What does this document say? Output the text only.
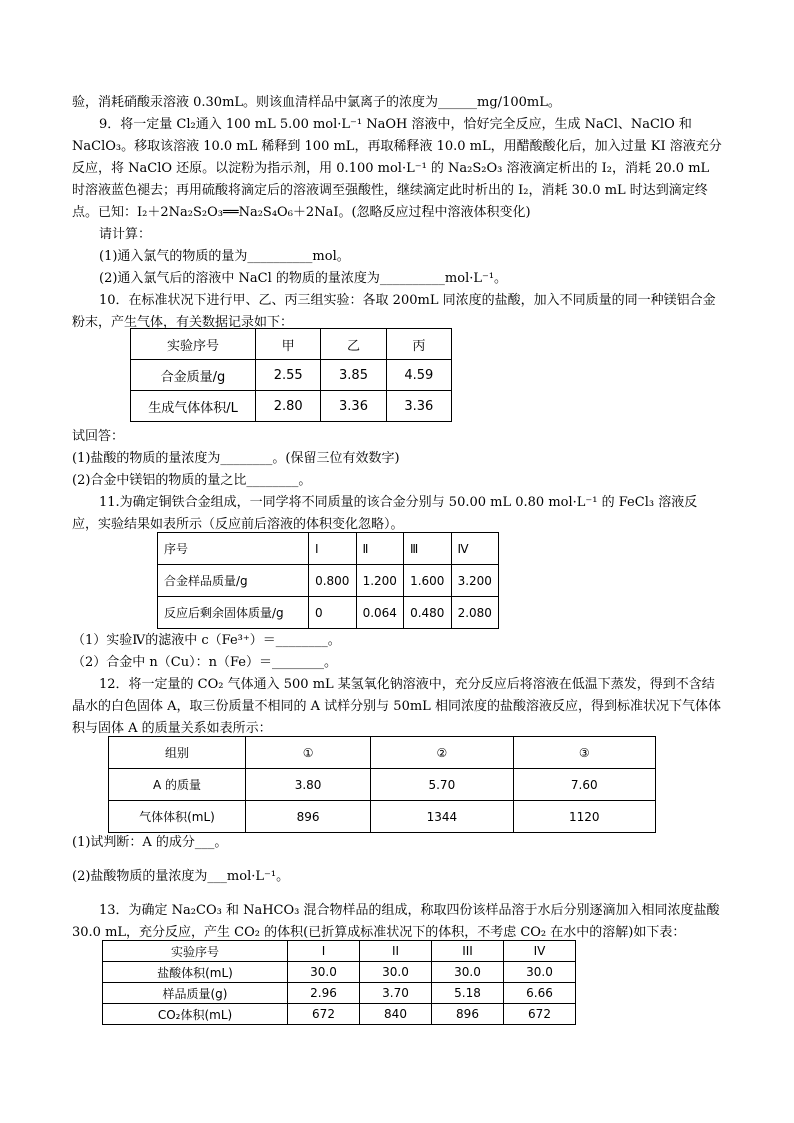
验，消耗硝酸汞溶液 0.30mL。则该血清样品中氯离子的浓度为______mg/100mL。

9．将一定量 Cl₂通入 100 mL 5.00 mol·L⁻¹ NaOH 溶液中，恰好完全反应，生成 NaCl、NaClO 和 NaClO₃。移取该溶液 10.0 mL 稀释到 100 mL，再取稀释液 10.0 mL，用醋酸酸化后，加入过量 KI 溶液充分反应，将 NaClO 还原。以淀粉为指示剂，用 0.100 mol·L⁻¹ 的 Na₂S₂O₃ 溶液滴定析出的 I₂，消耗 20.0 mL 时溶液蓝色褪去；再用硫酸将滴定后的溶液调至强酸性，继续滴定此时析出的 I₂，消耗 30.0 mL 时达到滴定终点。已知：I₂＋2Na₂S₂O₃══Na₂S₄O₆＋2NaI。(忽略反应过程中溶液体积变化)

请计算：

(1)通入氯气的物质的量为__________mol。

(2)通入氯气后的溶液中 NaCl 的物质的量浓度为__________mol·L⁻¹。

10．在标准状况下进行甲、乙、丙三组实验：各取 200mL 同浓度的盐酸，加入不同质量的同一种镁铝合金粉末，产生气体，有关数据记录如下：

实验序号	甲	乙	丙
合金质量/g	2.55	3.85	4.59
生成气体体积/L	2.80	3.36	3.36

试回答：

(1)盐酸的物质的量浓度为________。(保留三位有效数字)

(2)合金中镁铝的物质的量之比________。

11.为确定铜铁合金组成，一同学将不同质量的该合金分别与 50.00 mL 0.80 mol·L⁻¹ 的 FeCl₃ 溶液反应，实验结果如表所示（反应前后溶液的体积变化忽略）。

序号	Ⅰ	Ⅱ	Ⅲ	Ⅳ
合金样品质量/g	0.800	1.200	1.600	3.200
反应后剩余固体质量/g	0	0.064	0.480	2.080

（1）实验Ⅳ的滤液中 c（Fe³⁺）＝________。

（2）合金中 n（Cu）：n（Fe）＝________。

12．将一定量的 CO₂ 气体通入 500 mL 某氢氧化钠溶液中，充分反应后将溶液在低温下蒸发，得到不含结晶水的白色固体 A，取三份质量不相同的 A 试样分别与 50mL 相同浓度的盐酸溶液反应，得到标准状况下气体体积与固体 A 的质量关系如表所示：

组别	①	②	③
A 的质量	3.80	5.70	7.60
气体体积(mL)	896	1344	1120

(1)试判断：A 的成分___。

(2)盐酸物质的量浓度为___mol·L⁻¹。

13．为确定 Na₂CO₃ 和 NaHCO₃ 混合物样品的组成，称取四份该样品溶于水后分别逐滴加入相同浓度盐酸 30.0 mL，充分反应，产生 CO₂ 的体积(已折算成标准状况下的体积，不考虑 CO₂ 在水中的溶解)如下表：

实验序号	I	II	III	IV
盐酸体积(mL)	30.0	30.0	30.0	30.0
样品质量(g)	2.96	3.70	5.18	6.66
CO₂体积(mL)	672	840	896	672
